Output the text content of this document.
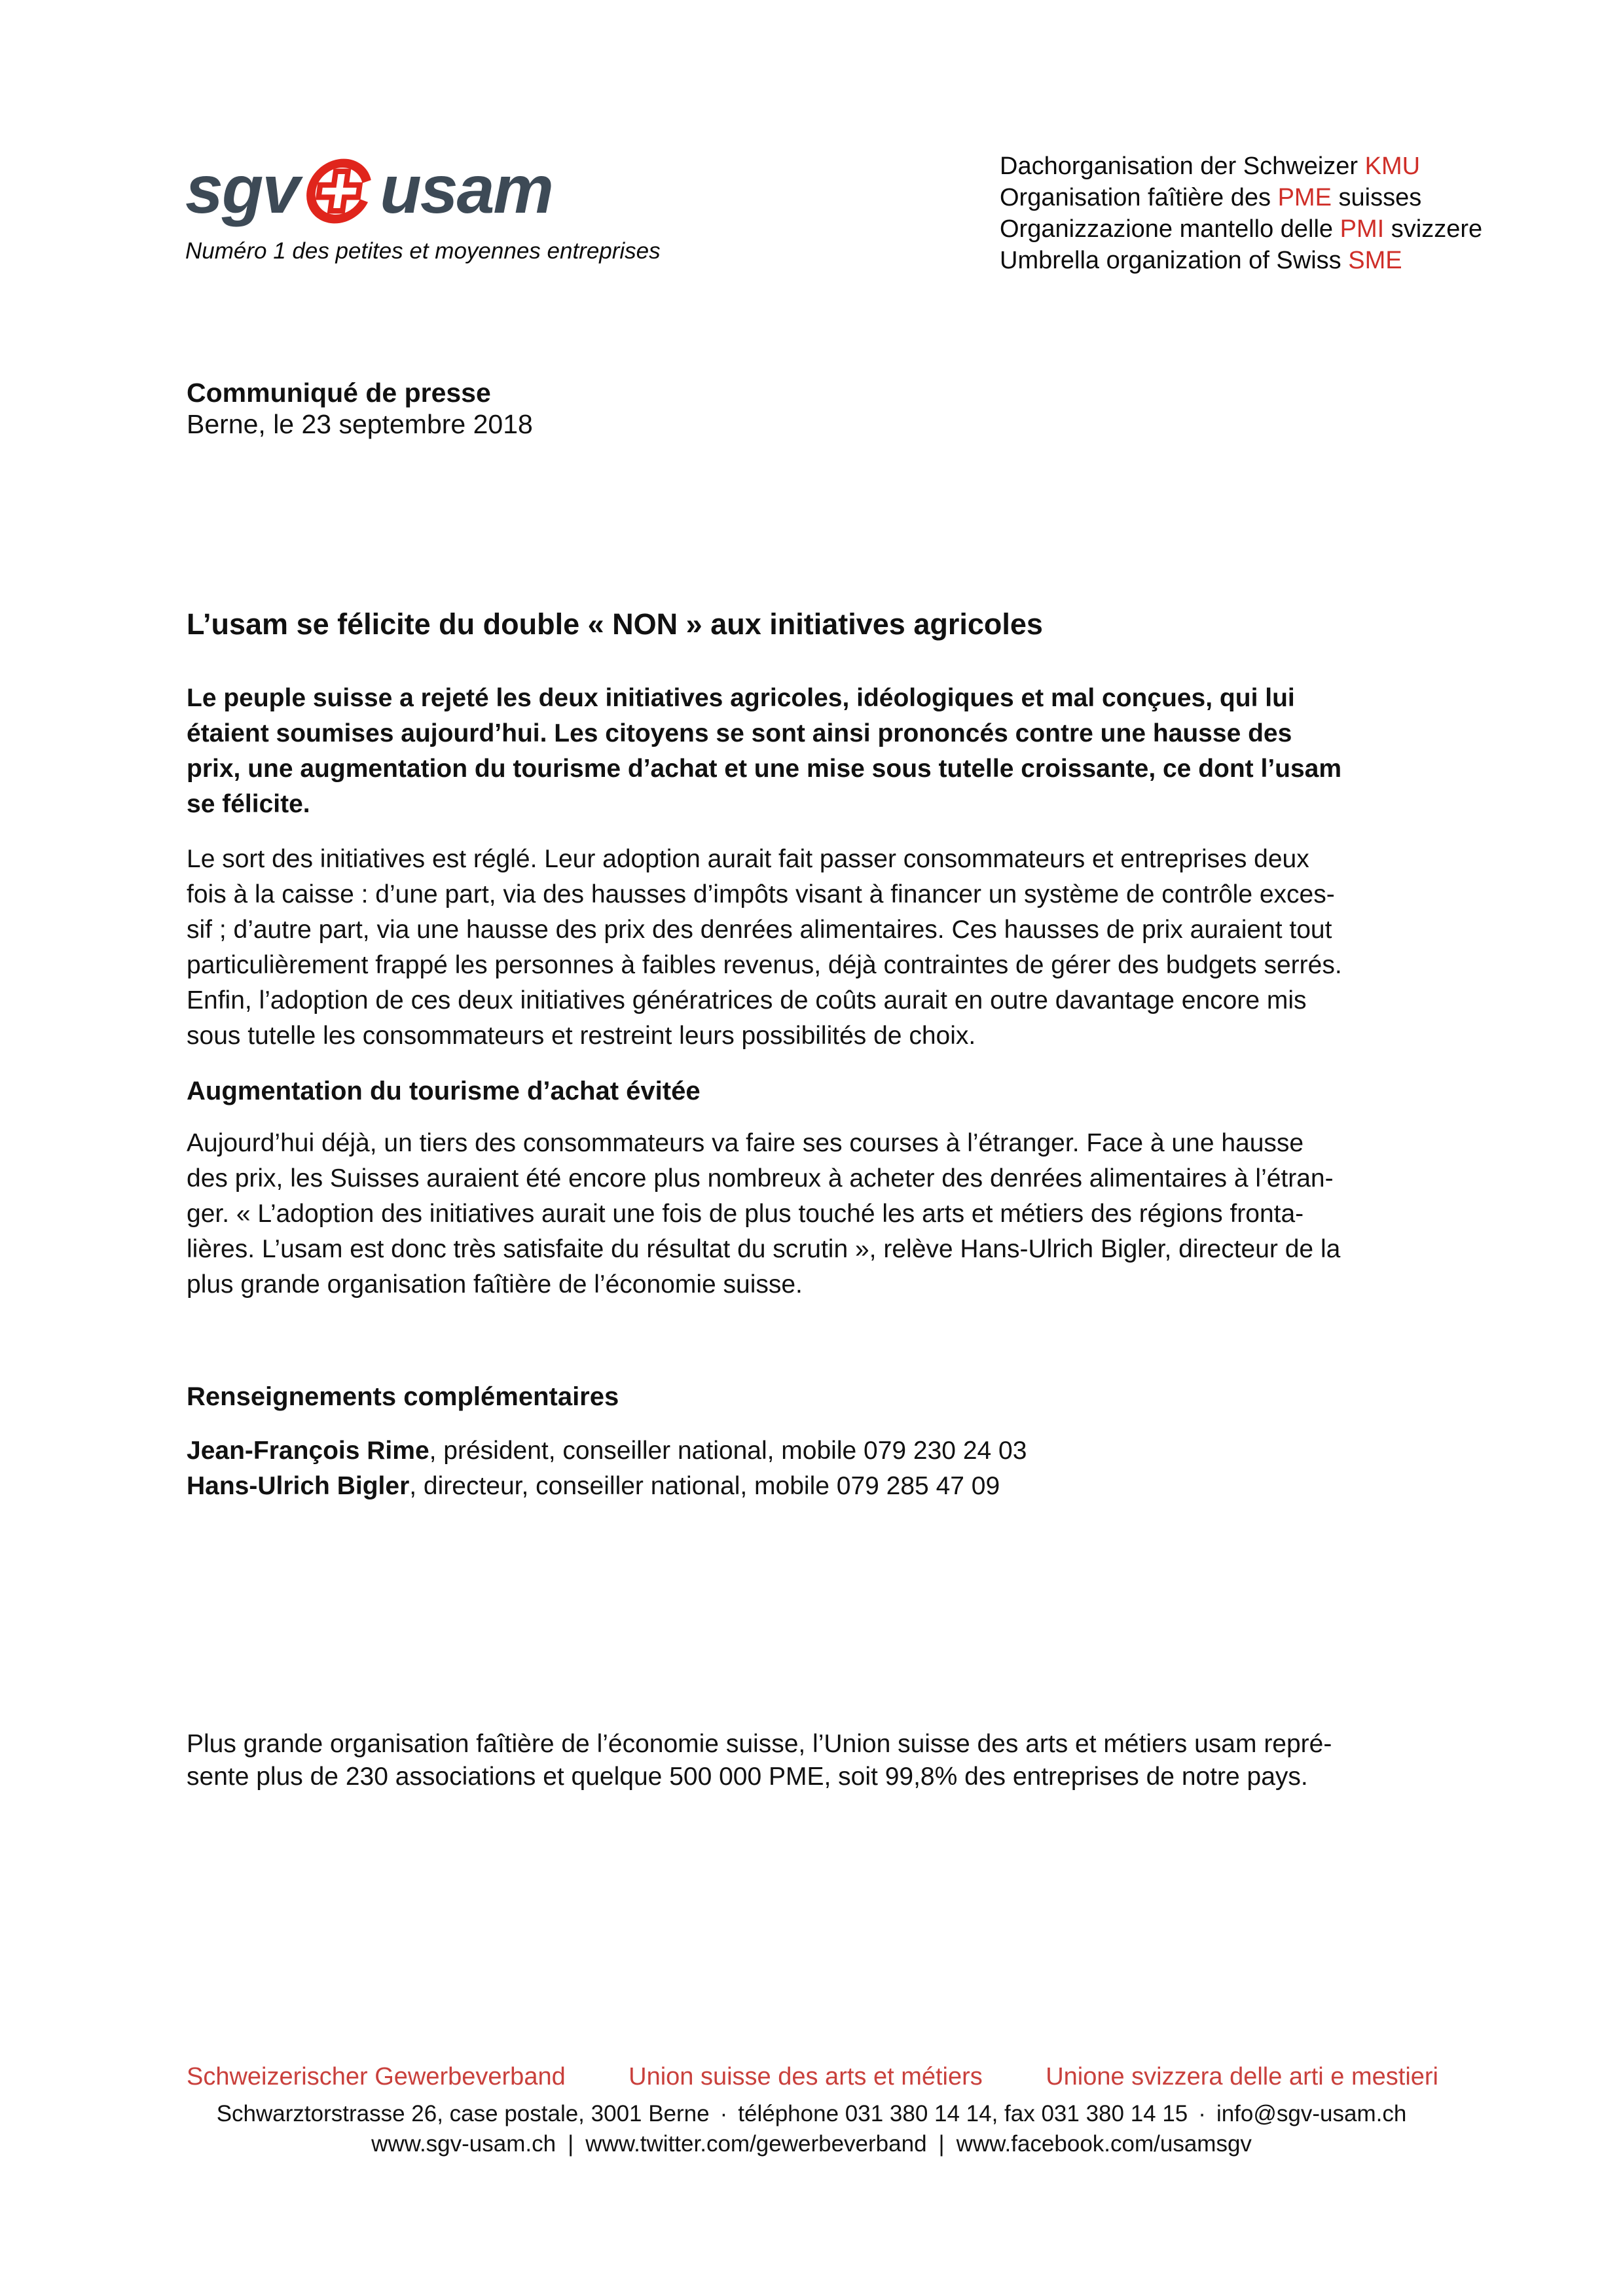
sgv usam
Numéro 1 des petites et moyennes entreprises
Dachorganisation der Schweizer KMU
Organisation faîtière des PME suisses
Organizzazione mantello delle PMI svizzere
Umbrella organization of Swiss SME
Communiqué de presse
Berne, le 23 septembre 2018
L’usam se félicite du double « NON » aux initiatives agricoles

Le peuple suisse a rejeté les deux initiatives agricoles, idéologiques et mal conçues, qui lui
étaient soumises aujourd’hui. Les citoyens se sont ainsi prononcés contre une hausse des
prix, une augmentation du tourisme d’achat et une mise sous tutelle croissante, ce dont l’usam
se félicite.

Le sort des initiatives est réglé. Leur adoption aurait fait passer consommateurs et entreprises deux
fois à la caisse : d’une part, via des hausses d’impôts visant à financer un système de contrôle exces-
sif ; d’autre part, via une hausse des prix des denrées alimentaires. Ces hausses de prix auraient tout
particulièrement frappé les personnes à faibles revenus, déjà contraintes de gérer des budgets serrés.
Enfin, l’adoption de ces deux initiatives génératrices de coûts aurait en outre davantage encore mis
sous tutelle les consommateurs et restreint leurs possibilités de choix.

Augmentation du tourisme d’achat évitée

Aujourd’hui déjà, un tiers des consommateurs va faire ses courses à l’étranger. Face à une hausse
des prix, les Suisses auraient été encore plus nombreux à acheter des denrées alimentaires à l’étran-
ger. « L’adoption des initiatives aurait une fois de plus touché les arts et métiers des régions fronta-
lières. L’usam est donc très satisfaite du résultat du scrutin », relève Hans-Ulrich Bigler, directeur de la
plus grande organisation faîtière de l’économie suisse.

Renseignements complémentaires
Jean-François Rime, président, conseiller national, mobile 079 230 24 03
Hans-Ulrich Bigler, directeur, conseiller national, mobile 079 285 47 09

Plus grande organisation faîtière de l’économie suisse, l’Union suisse des arts et métiers usam repré-
sente plus de 230 associations et quelque 500 000 PME, soit 99,8% des entreprises de notre pays.

Schweizerischer Gewerbeverband	Union suisse des arts et métiers	Unione svizzera delle arti e mestieri
Schwarztorstrasse 26, case postale, 3001 Berne · téléphone 031 380 14 14, fax 031 380 14 15 · info@sgv-usam.ch
www.sgv-usam.ch | www.twitter.com/gewerbeverband | www.facebook.com/usamsgv
